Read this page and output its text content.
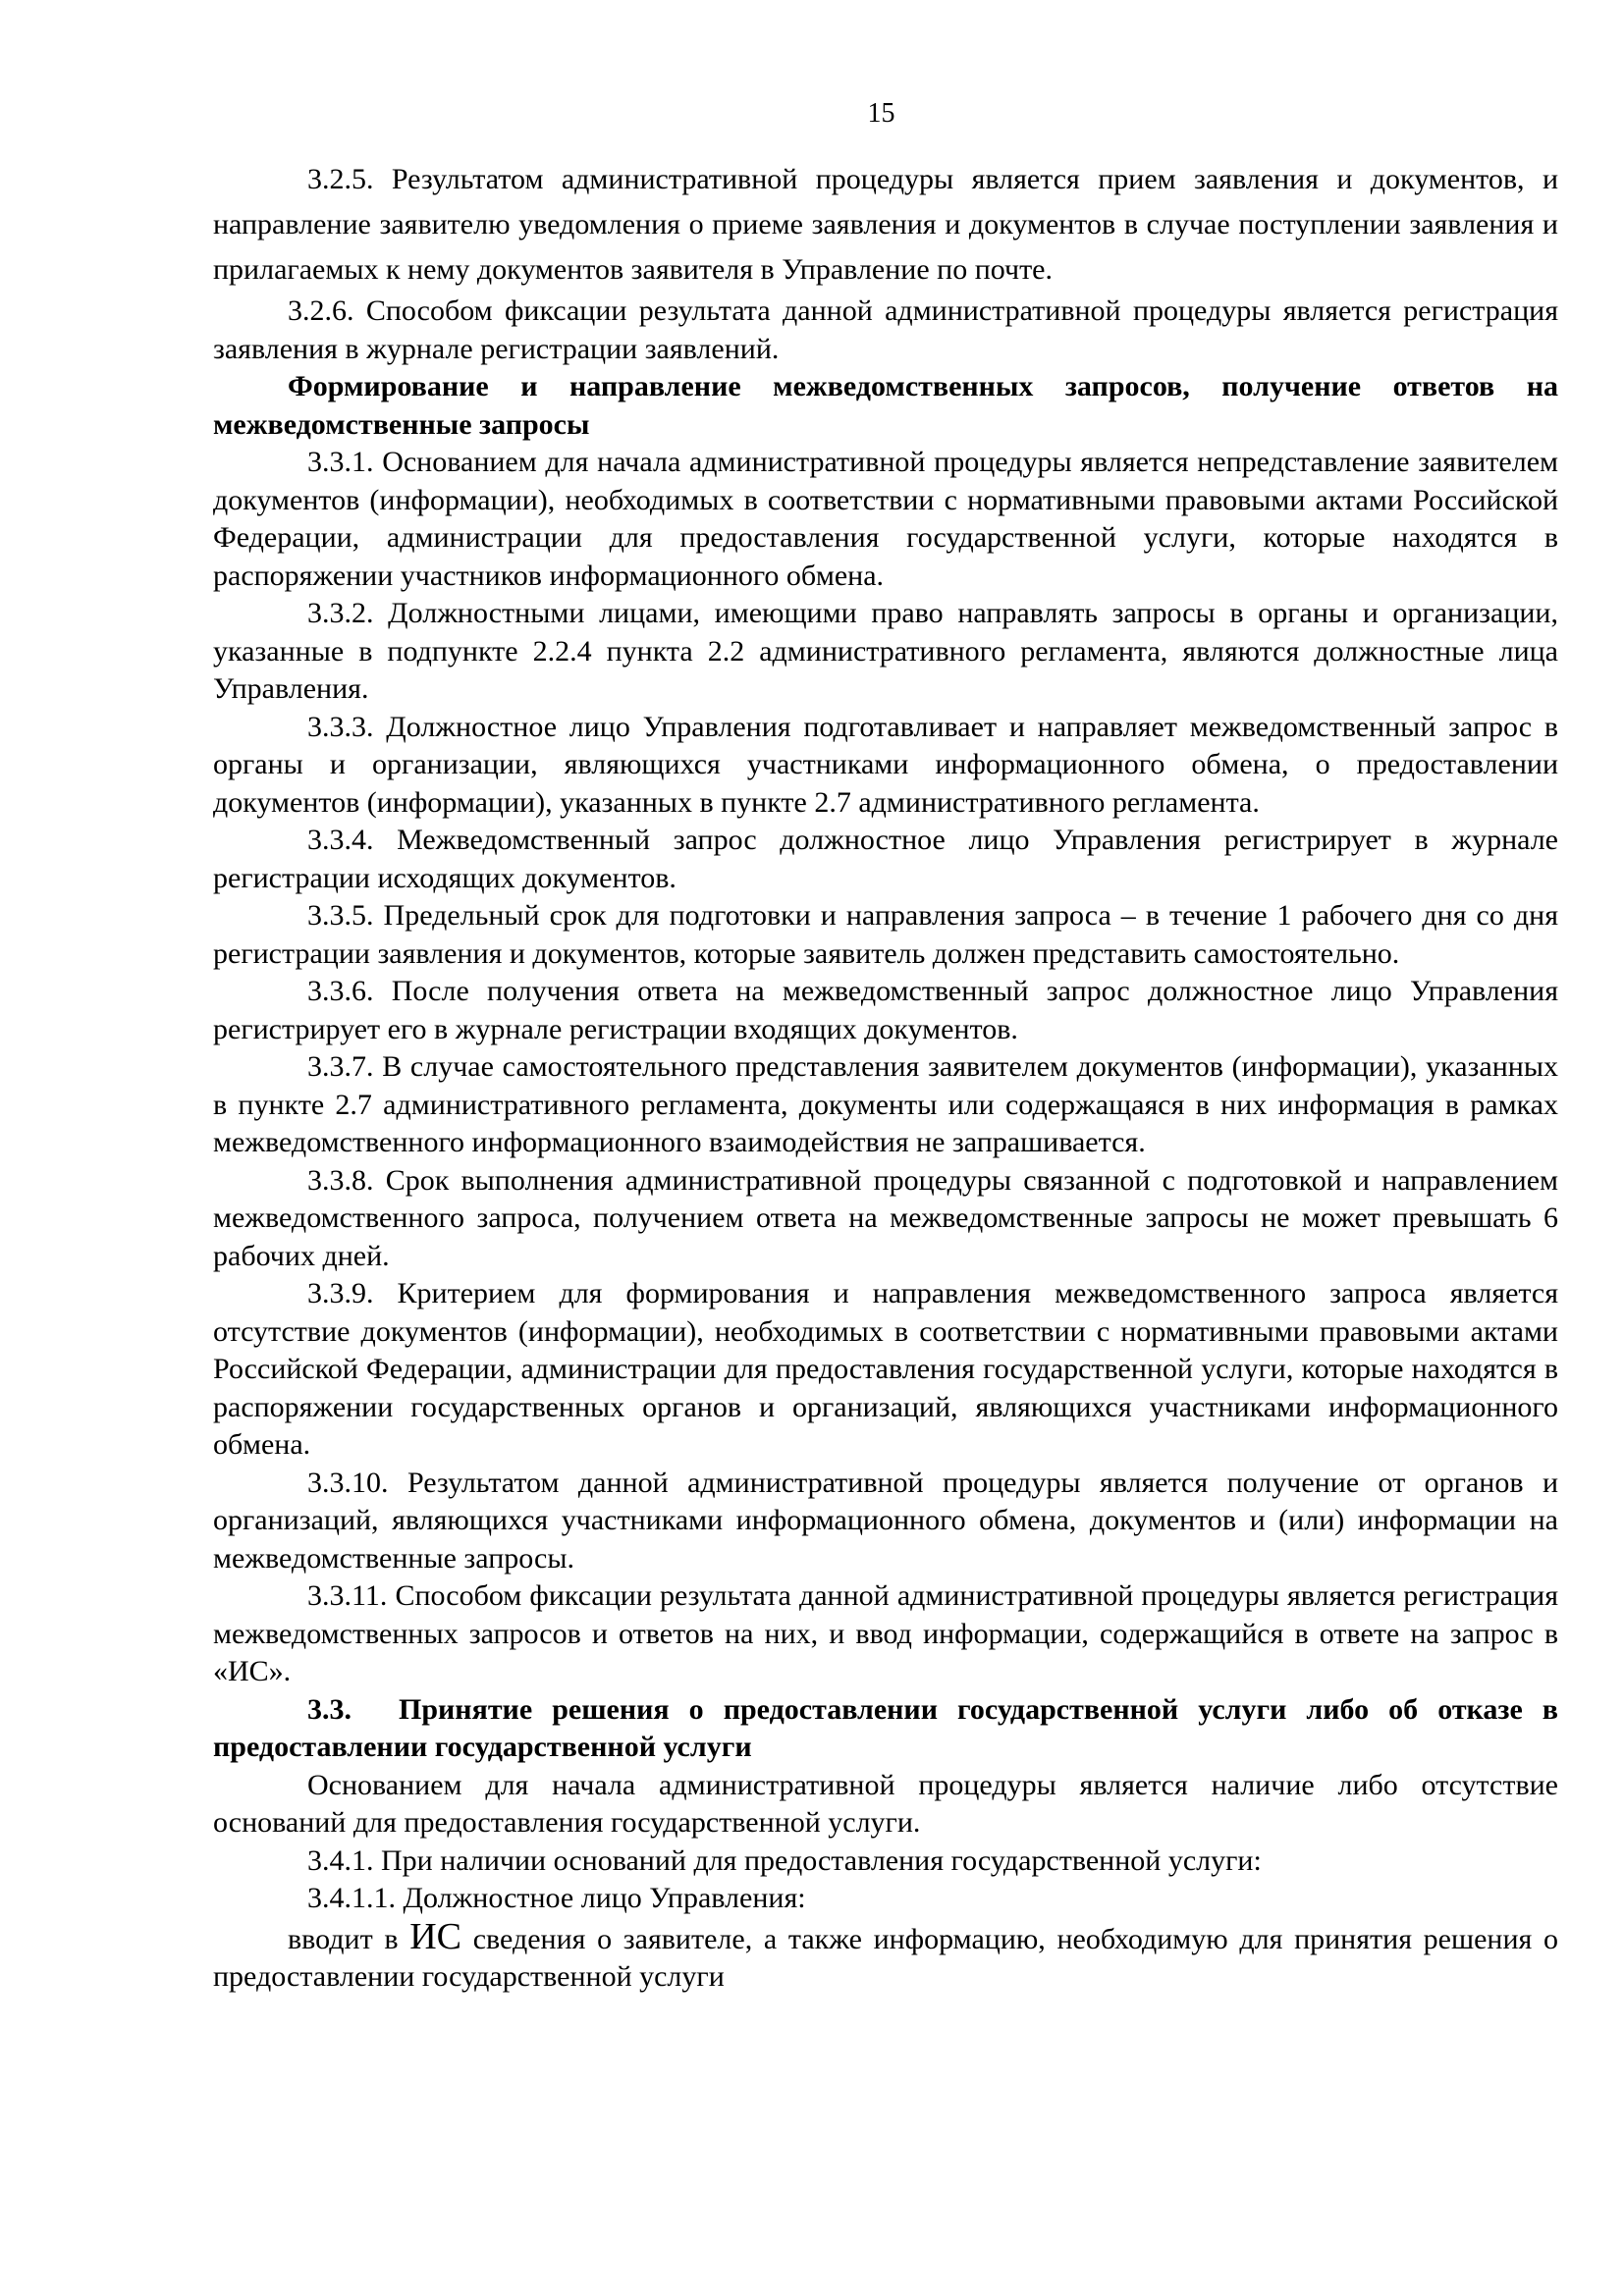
15

3.2.5. Результатом административной процедуры является прием заявления и документов, и направление заявителю уведомления о приеме заявления и документов в случае поступлении заявления и прилагаемых к нему документов заявителя в Управление по почте.

3.2.6. Способом фиксации результата данной административной процедуры является регистрация заявления в журнале регистрации заявлений.

Формирование и направление межведомственных запросов, получение ответов на межведомственные запросы

3.3.1. Основанием для начала административной процедуры является непредставление заявителем документов (информации), необходимых в соответствии с нормативными правовыми актами Российской Федерации, администрации для предоставления государственной услуги, которые находятся в распоряжении участников информационного обмена.

3.3.2. Должностными лицами, имеющими право направлять запросы в органы и организации, указанные в подпункте 2.2.4 пункта 2.2 административного регламента, являются должностные лица Управления.

3.3.3. Должностное лицо Управления подготавливает и направляет межведомственный запрос в органы и организации, являющихся участниками информационного обмена, о предоставлении документов (информации), указанных в пункте 2.7 административного регламента.

3.3.4. Межведомственный запрос должностное лицо Управления регистрирует в журнале регистрации исходящих документов.

3.3.5. Предельный срок для подготовки и направления запроса – в течение 1 рабочего дня со дня регистрации заявления и документов, которые заявитель должен представить самостоятельно.

3.3.6. После получения ответа на межведомственный запрос должностное лицо Управления регистрирует его в журнале регистрации входящих документов.

3.3.7. В случае самостоятельного представления заявителем документов (информации), указанных в пункте 2.7 административного регламента, документы или содержащаяся в них информация в рамках межведомственного информационного взаимодействия не запрашивается.

3.3.8. Срок выполнения административной процедуры связанной с подготовкой и направлением межведомственного запроса, получением ответа на межведомственные запросы не может превышать 6 рабочих дней.

3.3.9. Критерием для формирования и направления межведомственного запроса является отсутствие документов (информации), необходимых в соответствии с нормативными правовыми актами Российской Федерации, администрации для предоставления государственной услуги, которые находятся в распоряжении государственных органов и организаций, являющихся участниками информационного обмена.

3.3.10. Результатом данной административной процедуры является получение от органов и организаций, являющихся участниками информационного обмена, документов и (или) информации на межведомственные запросы.

3.3.11. Способом фиксации результата данной административной процедуры является регистрация межведомственных запросов и ответов на них, и ввод информации, содержащийся в ответе на запрос в «ИС».

3.3. Принятие решения о предоставлении государственной услуги либо об отказе в предоставлении государственной услуги

Основанием для начала административной процедуры является наличие либо отсутствие оснований для предоставления государственной услуги.

3.4.1. При наличии оснований для предоставления государственной услуги:

3.4.1.1. Должностное лицо Управления:

вводит в ИС сведения о заявителе, а также информацию, необходимую для принятия решения о предоставлении государственной услуги
